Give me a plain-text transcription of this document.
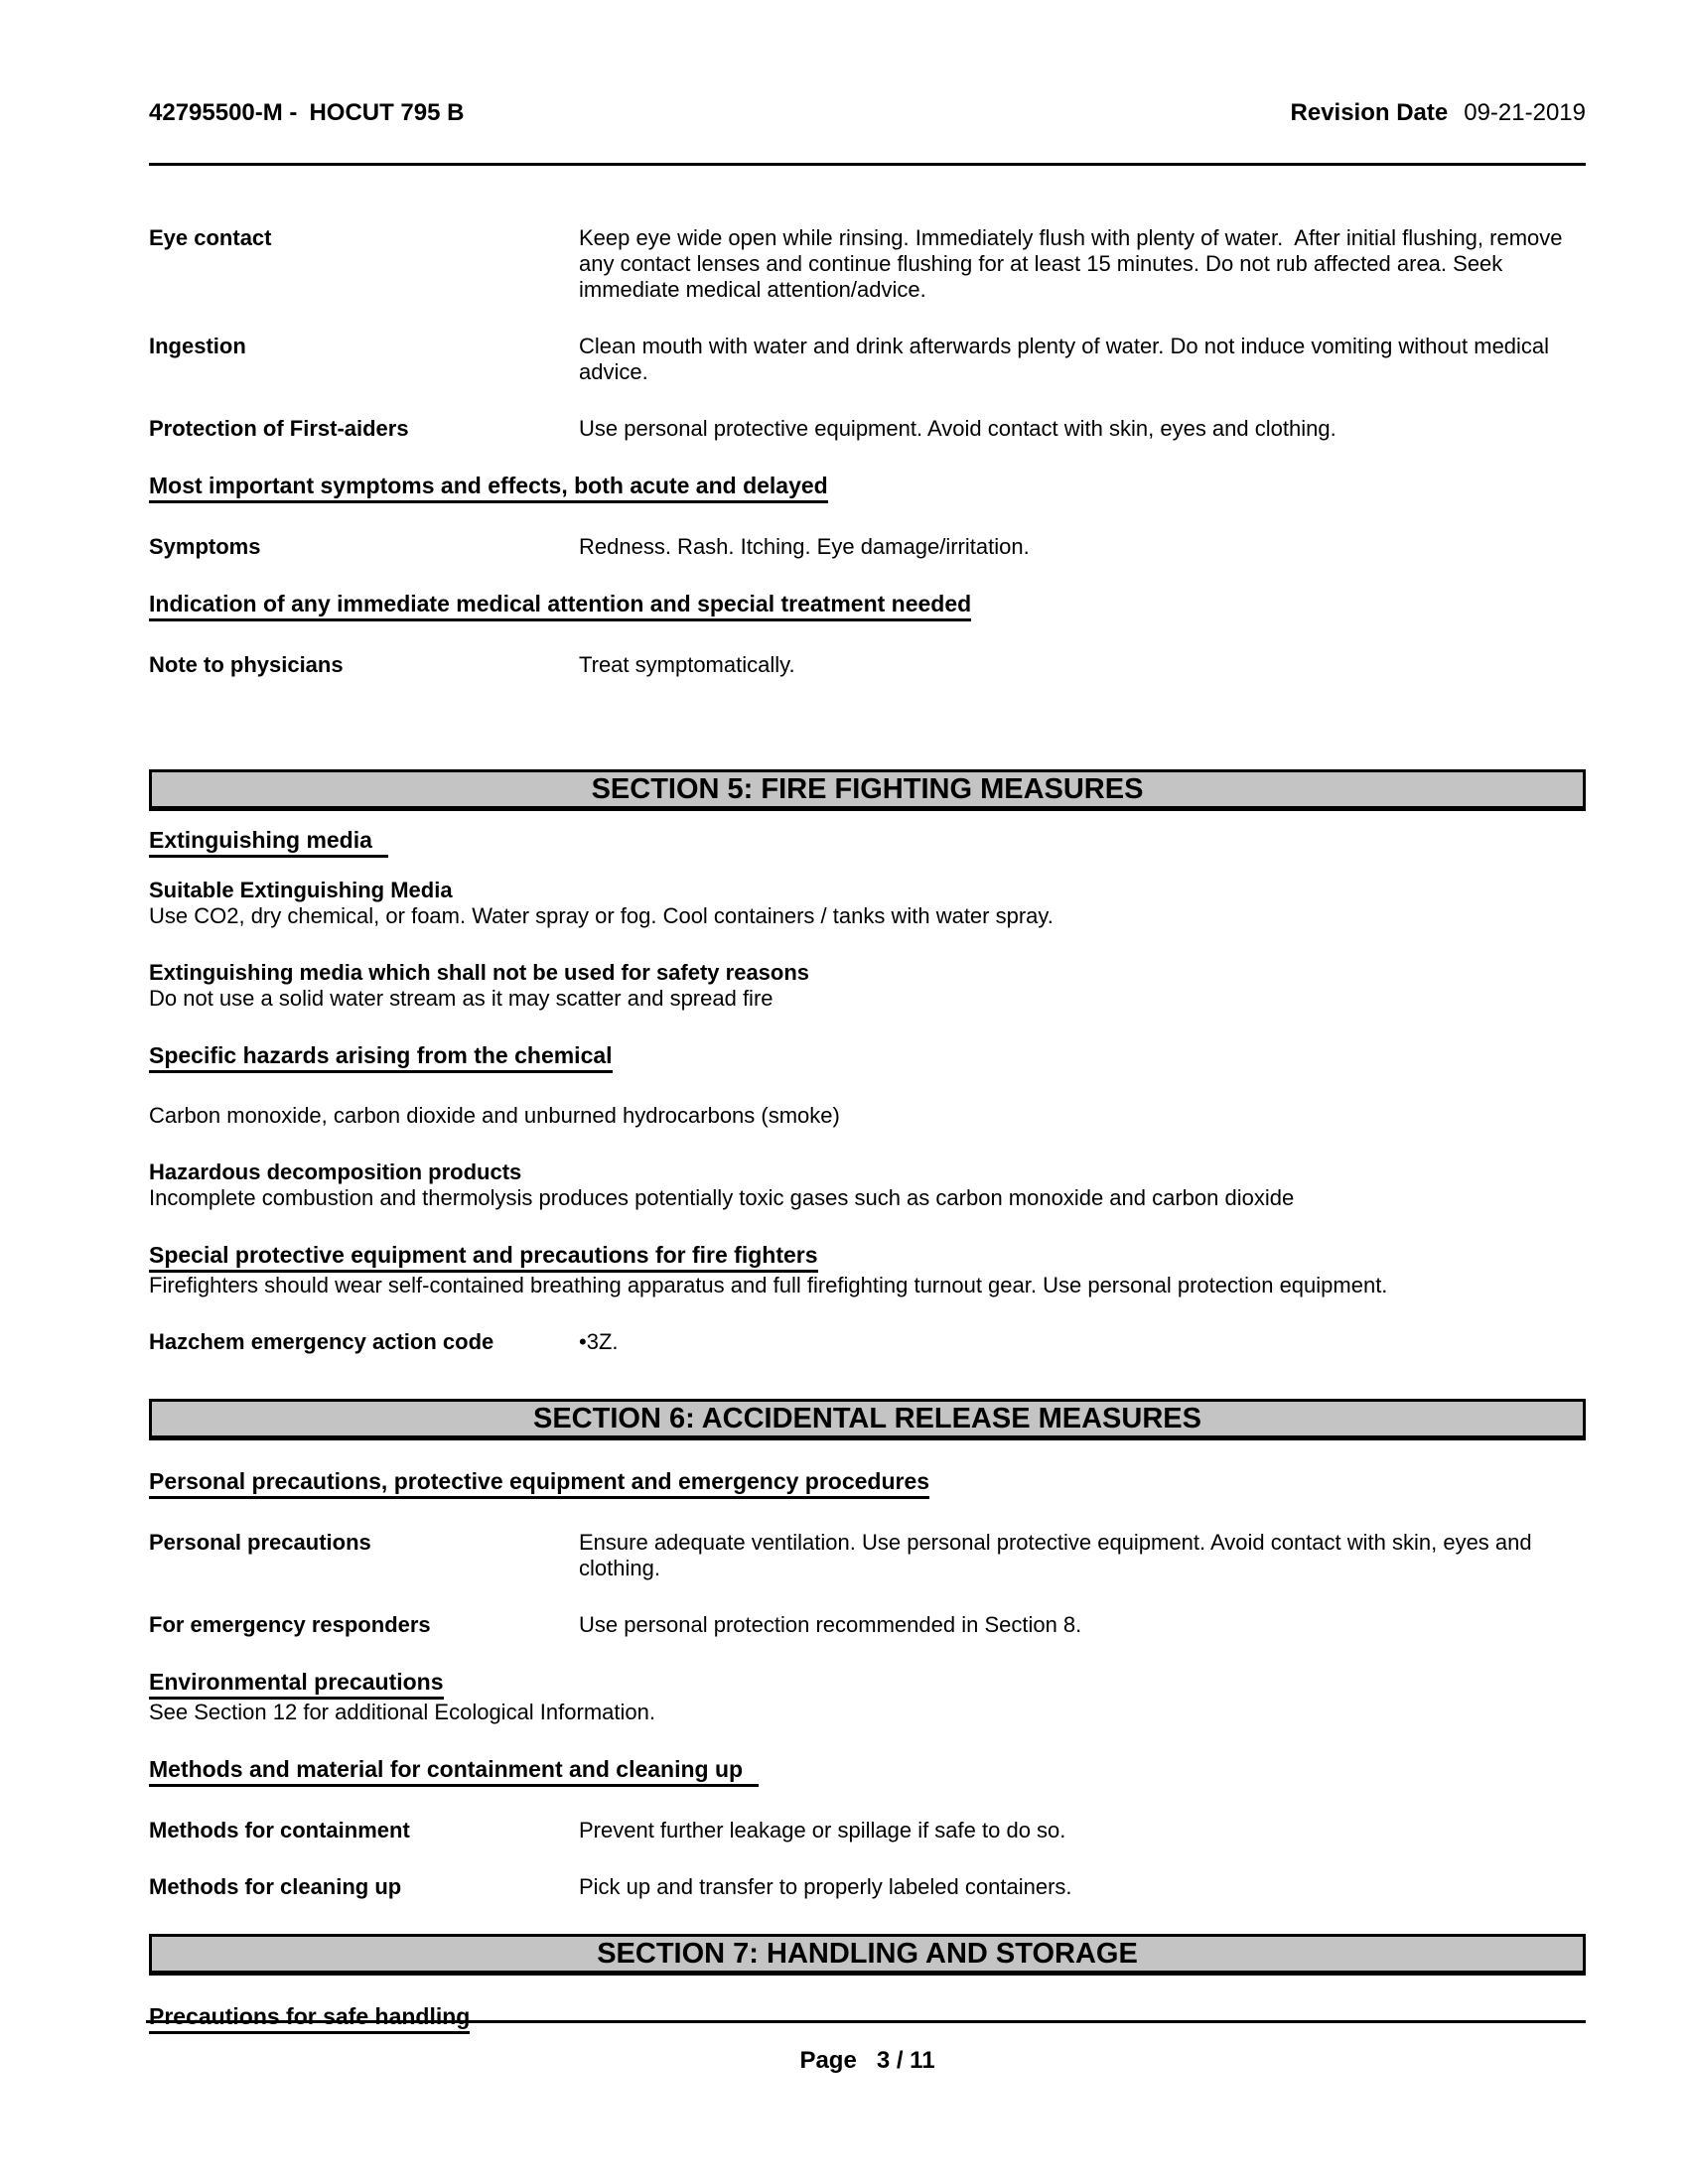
42795500-M - HOCUT 795 B	Revision Date 09-21-2019
Eye contact	Keep eye wide open while rinsing. Immediately flush with plenty of water.  After initial flushing, remove any contact lenses and continue flushing for at least 15 minutes. Do not rub affected area. Seek immediate medical attention/advice.
Ingestion	Clean mouth with water and drink afterwards plenty of water. Do not induce vomiting without medical advice.
Protection of First-aiders	Use personal protective equipment. Avoid contact with skin, eyes and clothing.
Most important symptoms and effects, both acute and delayed
Symptoms	Redness. Rash. Itching. Eye damage/irritation.
Indication of any immediate medical attention and special treatment needed
Note to physicians	Treat symptomatically.
SECTION 5: FIRE FIGHTING MEASURES
Extinguishing media
Suitable Extinguishing Media
Use CO2, dry chemical, or foam. Water spray or fog. Cool containers / tanks with water spray.
Extinguishing media which shall not be used for safety reasons
Do not use a solid water stream as it may scatter and spread fire
Specific hazards arising from the chemical
Carbon monoxide, carbon dioxide and unburned hydrocarbons (smoke)
Hazardous decomposition products
Incomplete combustion and thermolysis produces potentially toxic gases such as carbon monoxide and carbon dioxide
Special protective equipment and precautions for fire fighters
Firefighters should wear self-contained breathing apparatus and full firefighting turnout gear. Use personal protection equipment.
Hazchem emergency action code	•3Z.
SECTION 6: ACCIDENTAL RELEASE MEASURES
Personal precautions, protective equipment and emergency procedures
Personal precautions	Ensure adequate ventilation. Use personal protective equipment. Avoid contact with skin, eyes and clothing.
For emergency responders	Use personal protection recommended in Section 8.
Environmental precautions
See Section 12 for additional Ecological Information.
Methods and material for containment and cleaning up
Methods for containment	Prevent further leakage or spillage if safe to do so.
Methods for cleaning up	Pick up and transfer to properly labeled containers.
SECTION 7: HANDLING AND STORAGE
Precautions for safe handling
Page 3 / 11
